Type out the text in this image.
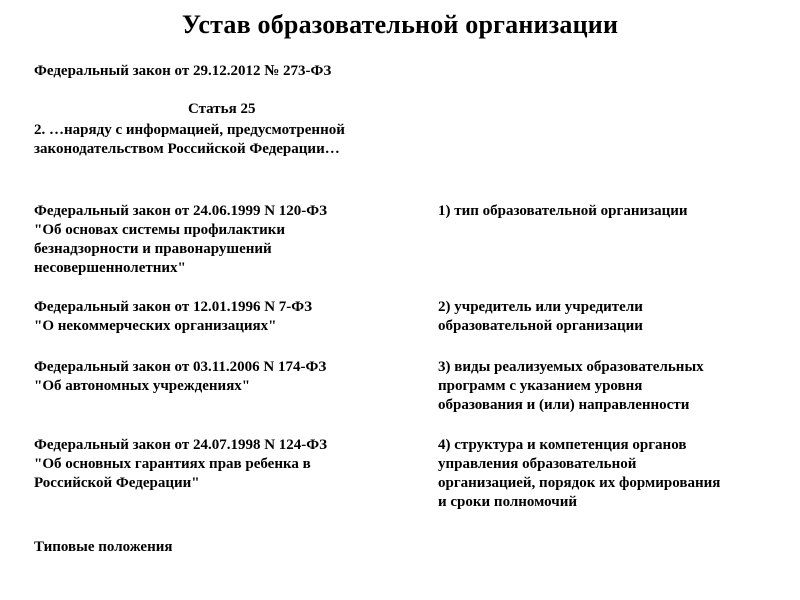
Устав образовательной организации
Федеральный закон от 29.12.2012 № 273-ФЗ
Статья 25
2. …наряду с информацией, предусмотренной
законодательством Российской Федерации…
Федеральный закон от 24.06.1999 N 120-ФЗ
"Об основах системы профилактики
безнадзорности и правонарушений
несовершеннолетних"
1) тип образовательной организации
Федеральный закон от 12.01.1996 N 7-ФЗ
"О некоммерческих организациях"
2) учредитель или учредители
образовательной организации
Федеральный закон от 03.11.2006 N 174-ФЗ
"Об автономных учреждениях"
3) виды реализуемых образовательных
программ с указанием уровня
образования и (или) направленности
Федеральный закон от 24.07.1998 N 124-ФЗ
"Об основных гарантиях прав ребенка в
Российской Федерации"
4) структура и компетенция органов
управления образовательной
организацией, порядок их формирования
и сроки полномочий
Типовые положения
